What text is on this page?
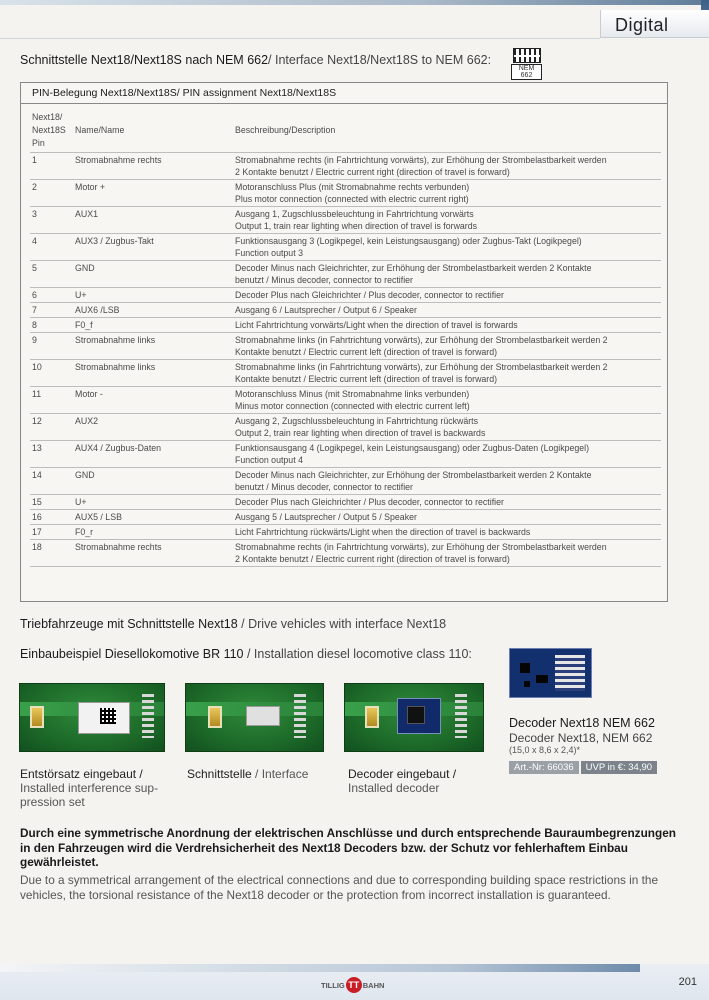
Digital
Schnittstelle Next18/Next18S nach NEM 662/ Interface Next18/Next18S to NEM 662:
NEM 662
PIN-Belegung Next18/Next18S/ PIN assignment Next18/Next18S
Next18/
Next18S
Pin	Name/Name	Beschreibung/Description
1	Stromabnahme rechts	Stromabnahme rechts (in Fahrtrichtung vorwärts), zur Erhöhung der Strombelastbarkeit werden
2 Kontakte benutzt / Electric current right (direction of travel is forward)

2	Motor +	Motoranschluss Plus (mit Stromabnahme rechts verbunden)
Plus motor connection (connected with electric current right)

3	AUX1	Ausgang 1, Zugschlussbeleuchtung in Fahrtrichtung vorwärts
Output 1, train rear lighting when direction of travel is forwards

4	AUX3 / Zugbus-Takt	Funktionsausgang 3 (Logikpegel, kein Leistungsausgang) oder Zugbus-Takt (Logikpegel)
Function output 3

5	GND	Decoder Minus nach Gleichrichter, zur Erhöhung der Strombelastbarkeit werden 2 Kontakte
benutzt / Minus decoder, connector to rectifier

6	U+	Decoder Plus nach Gleichrichter / Plus decoder, connector to rectifier

7	AUX6 /LSB	Ausgang 6 / Lautsprecher / Output 6 / Speaker

8	F0_f	Licht Fahrtrichtung vorwärts/Light when the direction of travel is forwards

9	Stromabnahme links	Stromabnahme links (in Fahrtrichtung vorwärts), zur Erhöhung der Strombelastbarkeit werden 2
Kontakte benutzt / Electric current left (direction of travel is forward)

10	Stromabnahme links	Stromabnahme links (in Fahrtrichtung vorwärts), zur Erhöhung der Strombelastbarkeit werden 2
Kontakte benutzt / Electric current left (direction of travel is forward)

11	Motor -	Motoranschluss Minus (mit Stromabnahme links verbunden)
Minus motor connection (connected with electric current left)

12	AUX2	Ausgang 2, Zugschlussbeleuchtung in Fahrtrichtung rückwärts
Output 2, train rear lighting when direction of travel is backwards

13	AUX4 / Zugbus-Daten	Funktionsausgang 4 (Logikpegel, kein Leistungsausgang) oder Zugbus-Daten (Logikpegel)
Function output 4

14	GND	Decoder Minus nach Gleichrichter, zur Erhöhung der Strombelastbarkeit werden 2 Kontakte
benutzt / Minus decoder, connector to rectifier

15	U+	Decoder Plus nach Gleichrichter / Plus decoder, connector to rectifier

16	AUX5 / LSB	Ausgang 5 / Lautsprecher / Output 5 / Speaker

17	F0_r	Licht Fahrtrichtung rückwärts/Light when the direction of travel is backwards

18	Stromabnahme rechts	Stromabnahme rechts (in Fahrtrichtung vorwärts), zur Erhöhung der Strombelastbarkeit werden
2 Kontakte benutzt / Electric current right (direction of travel is forward)
Triebfahrzeuge mit Schnittstelle Next18 / Drive vehicles with interface Next18
Einbaubeispiel Diesellokomotive BR 110 / Installation diesel locomotive class 110:
Entstörsatz eingebaut /
Installed interference sup-
pression set
Schnittstelle / Interface	Decoder eingebaut /
Installed decoder
Decoder Next18 NEM 662
Decoder Next18, NEM 662
(15,0 x 8,6 x 2,4)*
Art.-Nr: 66036	UVP in €: 34,90
Durch eine symmetrische Anordnung der elektrischen Anschlüsse und durch entsprechende Bauraumbegrenzungen in den Fahrzeugen wird die Verdrehsicherheit des Next18 Decoders bzw. der Schutz vor fehlerhaftem Einbau gewährleistet.
Due to a symmetrical arrangement of the electrical connections and due to corresponding building space restrictions in the vehicles, the torsional resistance of the Next18 decoder or the protection from incorrect installation is guaranteed.
TILLIG TT BAHN	201
